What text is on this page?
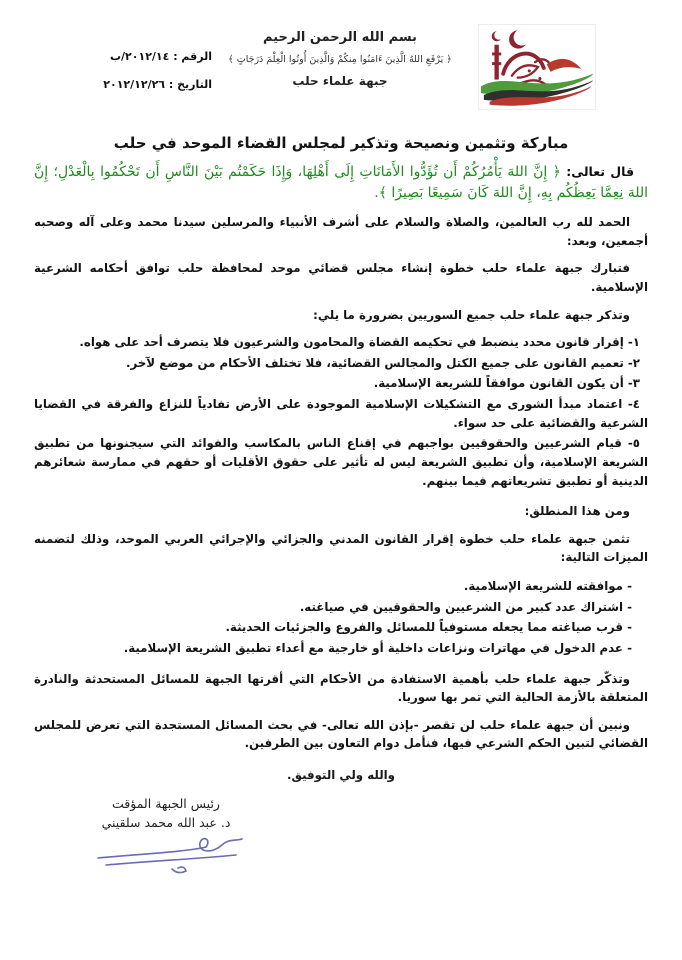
بسم الله الرحمن الرحيم
﴿ يَرْفَعِ اللهُ الَّذِينَ ءَامَنُوا مِنكُمْ وَالَّذِينَ أُوتُوا الْعِلْمَ دَرَجَاتٍ ﴾
جبهة علماء حلب
الرقم : ٢٠١٢/١٤/ب
التاريخ : ٢٠١٢/١٢/٢٦
مباركة وتثمين ونصيحة وتذكير لمجلس القضاء الموحد في حلب

قال تعالى: ﴿ إِنَّ اللهَ يَأْمُرُكُمْ أَن تُؤَدُّوا الأَمَانَاتِ إِلَى أَهْلِهَا، وَإِذَا حَكَمْتُم بَيْنَ النَّاسِ أَن تَحْكُمُوا بِالْعَدْلِ؛ إِنَّ اللهَ نِعِمَّا يَعِظُكُم بِهِ، إِنَّ اللهَ كَانَ سَمِيعًا بَصِيرًا ﴾.

الحمد لله رب العالمين، والصلاة والسلام على أشرف الأنبياء والمرسلين سيدنا محمد وعلى آله وصحبه أجمعين، وبعد:

فتبارك جبهة علماء حلب خطوة إنشاء مجلس قضائي موحد لمحافظة حلب توافق أحكامه الشرعية الإسلامية.

وتذكر جبهة علماء حلب جميع السوريين بضرورة ما يلي:

١- إقرار قانون محدد ينضبط في تحكيمه القضاة والمحامون والشرعيون فلا يتصرف أحد على هواه.

٢- تعميم القانون على جميع الكتل والمجالس القضائية، فلا تختلف الأحكام من موضع لآخر.

٣- أن يكون القانون موافقاً للشريعة الإسلامية.

٤- اعتماد مبدأ الشورى مع التشكيلات الإسلامية الموجودة على الأرض تفادياً للنزاع والفرقة في القضايا الشرعية والقضائية على حد سواء.

٥- قيام الشرعيين والحقوقيين بواجبهم في إقناع الناس بالمكاسب والفوائد التي سيجنونها من تطبيق الشريعة الإسلامية، وأن تطبيق الشريعة ليس له تأثير على حقوق الأقليات أو حقهم في ممارسة شعائرهم الدينية أو تطبيق تشريعاتهم فيما بينهم.

ومن هذا المنطلق:

تثمن جبهة علماء حلب خطوة إقرار القانون المدني والجزائي والإجرائي العربي الموحد، وذلك لتضمنه الميزات التالية:

- موافقته للشريعة الإسلامية.

- اشتراك عدد كبير من الشرعيين والحقوقيين في صياغته.

- قرب صياغته مما يجعله مستوفياً للمسائل والفروع والجزئيات الحديثة.

- عدم الدخول في مهاترات ونزاعات داخلية أو خارجية مع أعداء تطبيق الشريعة الإسلامية.

وتذكّر جبهة علماء حلب بأهمية الاستفادة من الأحكام التي أقرتها الجبهة للمسائل المستحدثة والنادرة المتعلقة بالأزمة الحالية التي تمر بها سوريا.

ونبين أن جبهة علماء حلب لن تقصر -بإذن الله تعالى- في بحث المسائل المستجدة التي تعرض للمجلس القضائي لتبين الحكم الشرعي فيها، فنأمل دوام التعاون بين الطرفين.

والله ولي التوفيق.

رئيس الجبهة المؤقت
د. عبد الله محمد سلقيني
